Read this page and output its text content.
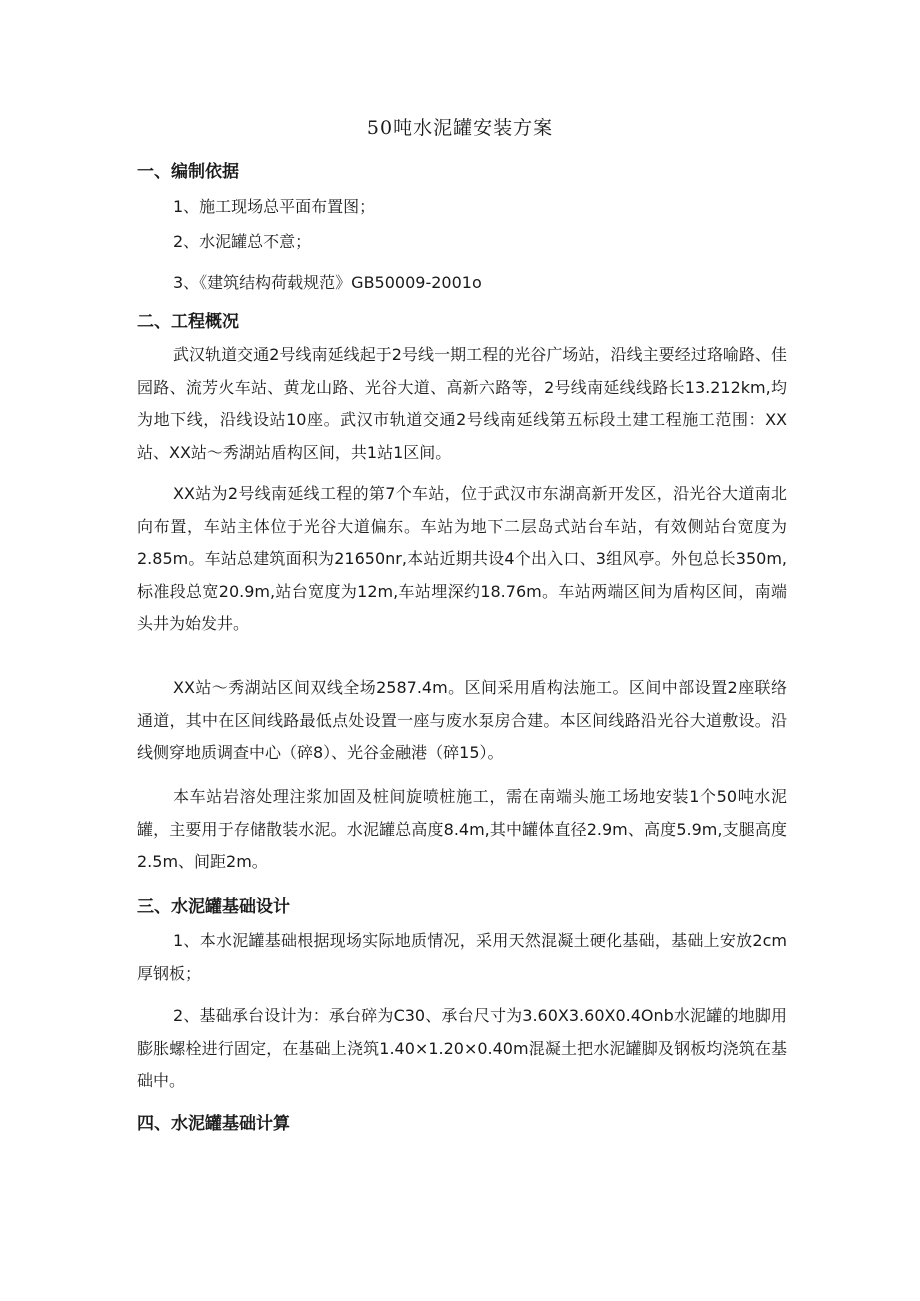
50吨水泥罐安装方案
一、编制依据
1、施工现场总平面布置图；
2、水泥罐总不意；
3、《建筑结构荷载规范》GB50009-2001o
二、工程概况
武汉轨道交通2号线南延线起于2号线一期工程的光谷广场站，沿线主要经过珞喻路、佳园路、流芳火车站、黄龙山路、光谷大道、高新六路等，2号线南延线线路长13.212km,均为地下线，沿线设站10座。武汉市轨道交通2号线南延线第五标段土建工程施工范围：XX站、XX站～秀湖站盾构区间，共1站1区间。
XX站为2号线南延线工程的第7个车站，位于武汉市东湖高新开发区，沿光谷大道南北向布置，车站主体位于光谷大道偏东。车站为地下二层岛式站台车站，有效侧站台宽度为2.85m。车站总建筑面积为21650nr,本站近期共设4个出入口、3组风亭。外包总长350m,标准段总宽20.9m,站台宽度为12m,车站埋深约18.76m。车站两端区间为盾构区间，南端头井为始发井。
XX站～秀湖站区间双线全场2587.4m。区间采用盾构法施工。区间中部设置2座联络通道，其中在区间线路最低点处设置一座与废水泵房合建。本区间线路沿光谷大道敷设。沿线侧穿地质调查中心（碎8）、光谷金融港（碎15）。
本车站岩溶处理注浆加固及桩间旋喷桩施工，需在南端头施工场地安装1个50吨水泥罐，主要用于存储散装水泥。水泥罐总高度8.4m,其中罐体直径2.9m、高度5.9m,支腿高度2.5m、间距2m。
三、水泥罐基础设计
1、本水泥罐基础根据现场实际地质情况，采用天然混凝土硬化基础，基础上安放2cm厚钢板；
2、基础承台设计为：承台碎为C30、承台尺寸为3.60X3.60X0.4Onb水泥罐的地脚用膨胀螺栓进行固定，在基础上浇筑1.40×1.20×0.40m混凝土把水泥罐脚及钢板均浇筑在基础中。
四、水泥罐基础计算
